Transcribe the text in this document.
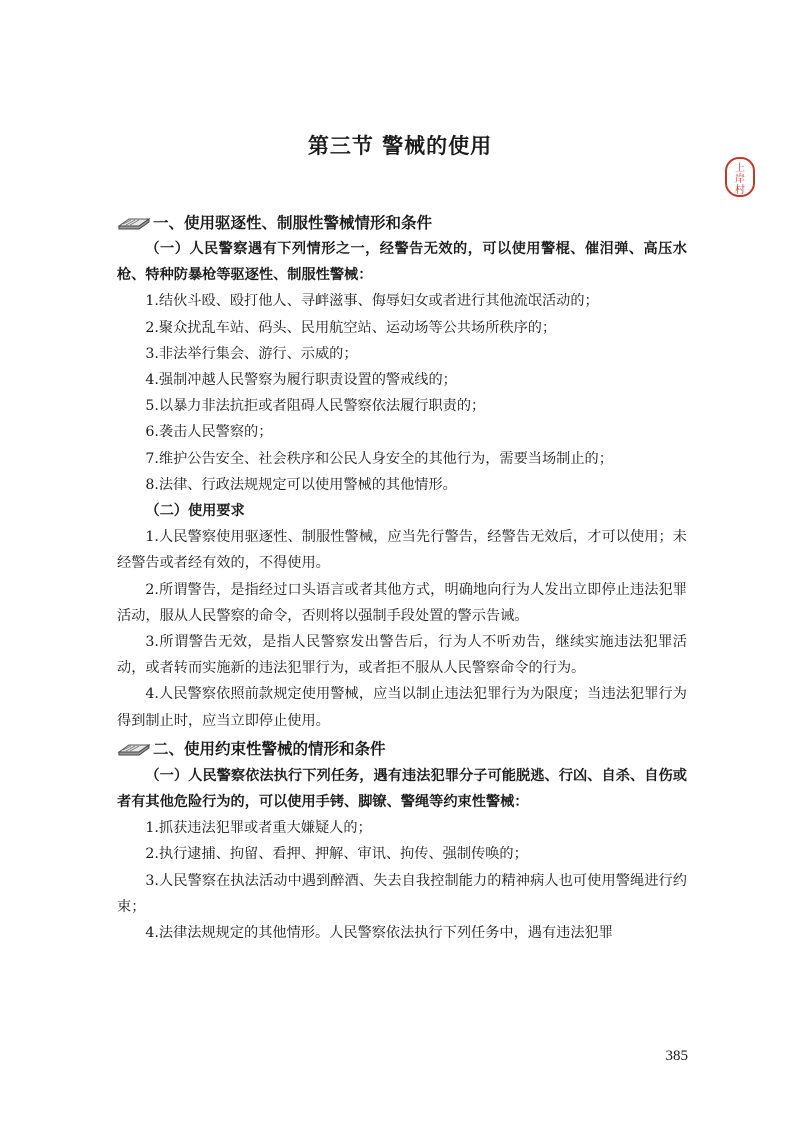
第三节 警械的使用
上
岸
村
一、使用驱逐性、制服性警械情形和条件

（一）人民警察遇有下列情形之一，经警告无效的，可以使用警棍、催泪弹、高压水枪、特种防暴枪等驱逐性、制服性警械：

1.结伙斗殴、殴打他人、寻衅滋事、侮辱妇女或者进行其他流氓活动的；

2.聚众扰乱车站、码头、民用航空站、运动场等公共场所秩序的；

3.非法举行集会、游行、示威的；

4.强制冲越人民警察为履行职责设置的警戒线的；

5.以暴力非法抗拒或者阻碍人民警察依法履行职责的；

6.袭击人民警察的；

7.维护公告安全、社会秩序和公民人身安全的其他行为，需要当场制止的；

8.法律、行政法规规定可以使用警械的其他情形。

（二）使用要求

1.人民警察使用驱逐性、制服性警械，应当先行警告，经警告无效后，才可以使用；未经警告或者经有效的，不得使用。

2.所谓警告，是指经过口头语言或者其他方式，明确地向行为人发出立即停止违法犯罪活动，服从人民警察的命令，否则将以强制手段处置的警示告诫。

3.所谓警告无效，是指人民警察发出警告后，行为人不听劝告，继续实施违法犯罪活动，或者转而实施新的违法犯罪行为，或者拒不服从人民警察命令的行为。

4.人民警察依照前款规定使用警械，应当以制止违法犯罪行为为限度；当违法犯罪行为得到制止时，应当立即停止使用。

二、使用约束性警械的情形和条件

（一）人民警察依法执行下列任务，遇有违法犯罪分子可能脱逃、行凶、自杀、自伤或者有其他危险行为的，可以使用手铐、脚镣、警绳等约束性警械：

1.抓获违法犯罪或者重大嫌疑人的；

2.执行逮捕、拘留、看押、押解、审讯、拘传、强制传唤的；

3.人民警察在执法活动中遇到醉酒、失去自我控制能力的精神病人也可使用警绳进行约束；

4.法律法规规定的其他情形。人民警察依法执行下列任务中，遇有违法犯罪

385
